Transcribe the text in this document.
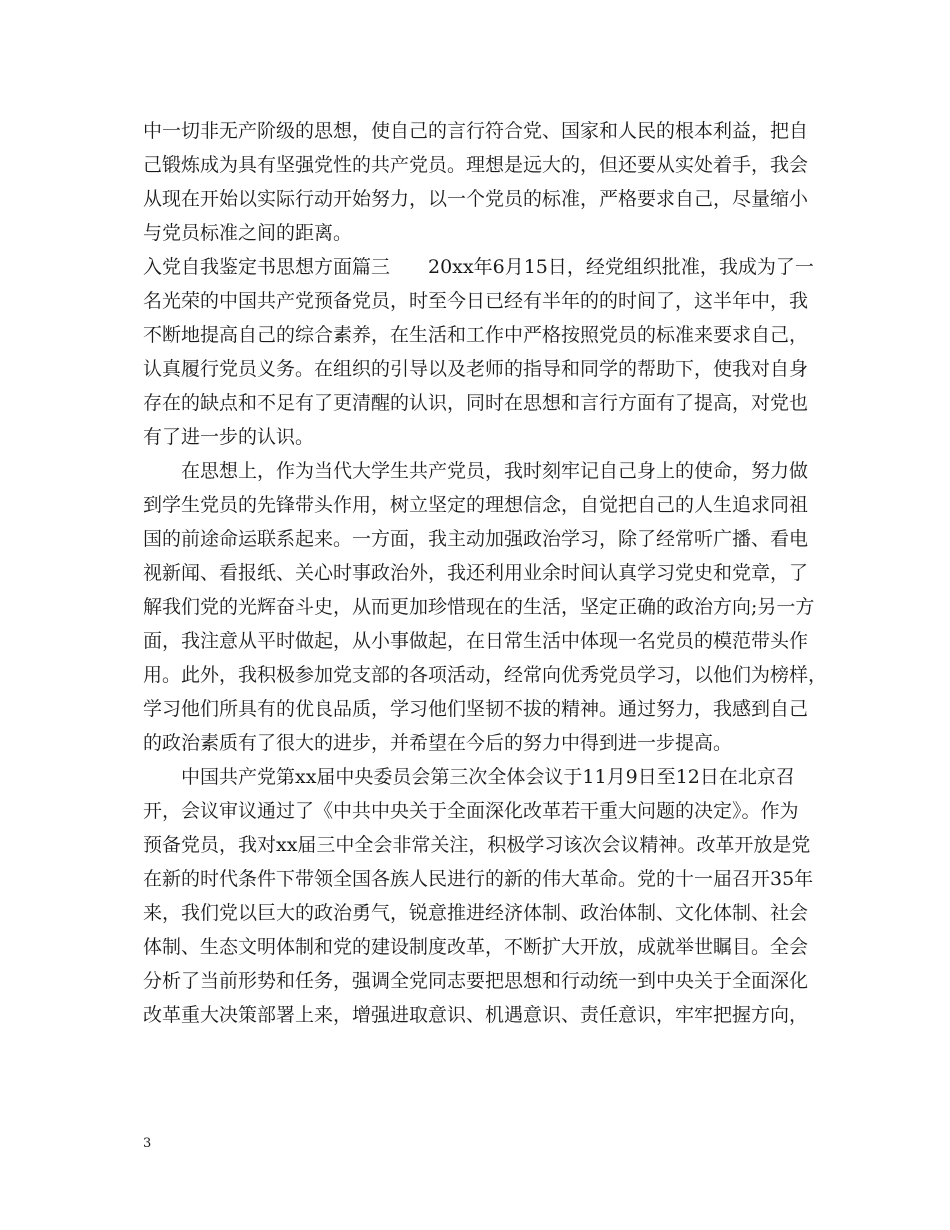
中一切非无产阶级的思想，使自己的言行符合党、国家和人民的根本利益，把自
己锻炼成为具有坚强党性的共产党员。理想是远大的，但还要从实处着手，我会
从现在开始以实际行动开始努力，以一个党员的标准，严格要求自己，尽量缩小
与党员标准之间的距离。
入党自我鉴定书思想方面篇三　　20xx年6月15日，经党组织批准，我成为了一
名光荣的中国共产党预备党员，时至今日已经有半年的的时间了，这半年中，我
不断地提高自己的综合素养，在生活和工作中严格按照党员的标准来要求自己，
认真履行党员义务。在组织的引导以及老师的指导和同学的帮助下，使我对自身
存在的缺点和不足有了更清醒的认识，同时在思想和言行方面有了提高，对党也
有了进一步的认识。
在思想上，作为当代大学生共产党员，我时刻牢记自己身上的使命，努力做
到学生党员的先锋带头作用，树立坚定的理想信念，自觉把自己的人生追求同祖
国的前途命运联系起来。一方面，我主动加强政治学习，除了经常听广播、看电
视新闻、看报纸、关心时事政治外，我还利用业余时间认真学习党史和党章，了
解我们党的光辉奋斗史，从而更加珍惜现在的生活，坚定正确的政治方向;另一方
面，我注意从平时做起，从小事做起，在日常生活中体现一名党员的模范带头作
用。此外，我积极参加党支部的各项活动，经常向优秀党员学习，以他们为榜样，
学习他们所具有的优良品质，学习他们坚韧不拔的精神。通过努力，我感到自己
的政治素质有了很大的进步，并希望在今后的努力中得到进一步提高。
中国共产党第xx届中央委员会第三次全体会议于11月9日至12日在北京召
开，会议审议通过了《中共中央关于全面深化改革若干重大问题的决定》。作为
预备党员，我对xx届三中全会非常关注，积极学习该次会议精神。改革开放是党
在新的时代条件下带领全国各族人民进行的新的伟大革命。党的十一届召开35年
来，我们党以巨大的政治勇气，锐意推进经济体制、政治体制、文化体制、社会
体制、生态文明体制和党的建设制度改革，不断扩大开放，成就举世瞩目。全会
分析了当前形势和任务，强调全党同志要把思想和行动统一到中央关于全面深化
改革重大决策部署上来，增强进取意识、机遇意识、责任意识，牢牢把握方向，
3
